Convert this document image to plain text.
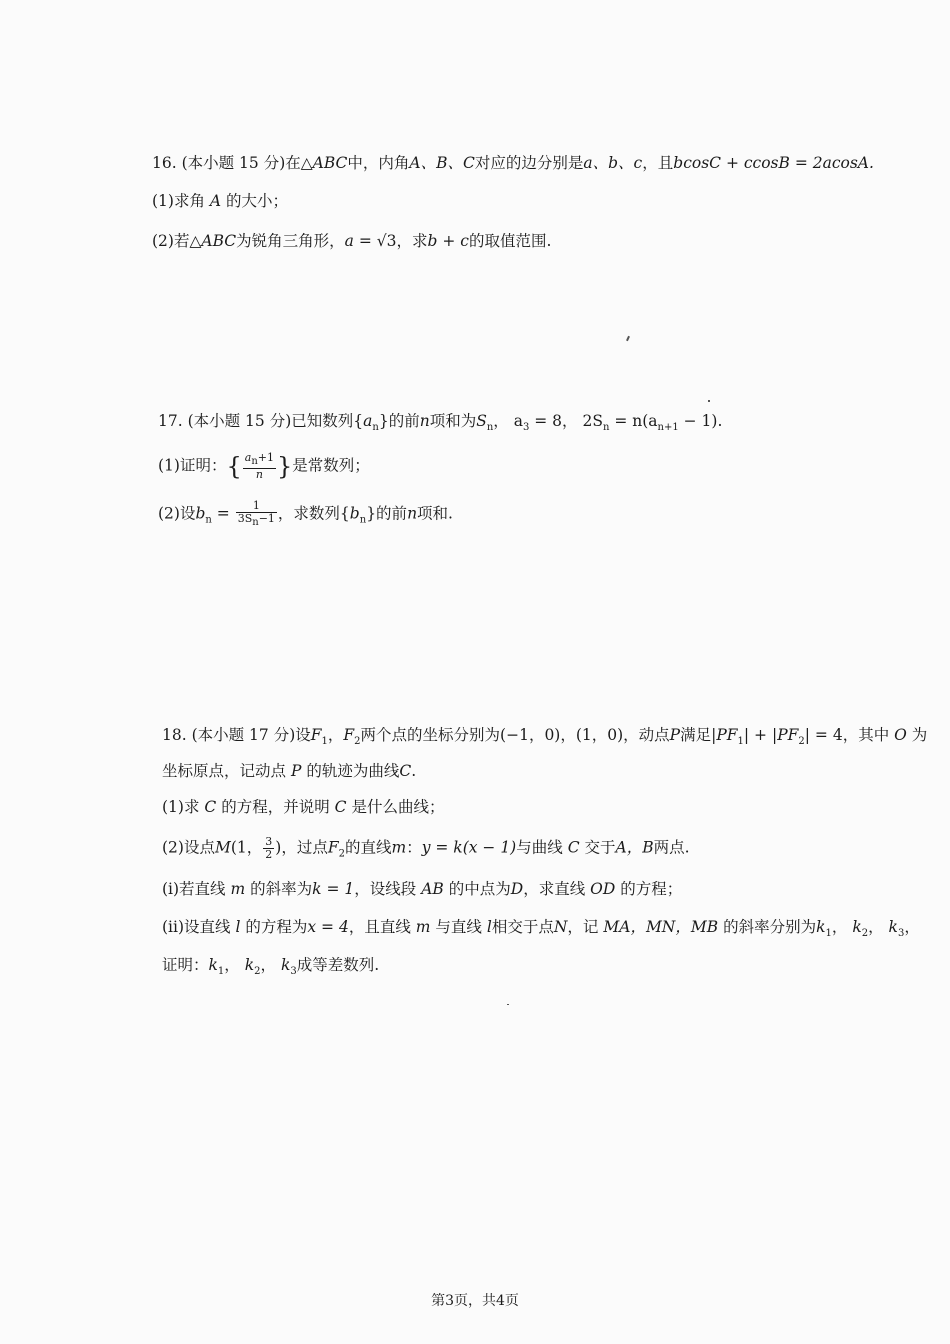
16. (本小题 15 分)在△ABC中，内角A、B、C对应的边分别是a、b、c，且bcosC + ccosB = 2acosA.
(1)求角 A 的大小；
(2)若△ABC为锐角三角形，a = √3，求b + c的取值范围.
17. (本小题 15 分)已知数列$\{a_n\}$的前n项和为$S_n$， $a_3 = 8$， $2S_n = n(a_{n+1} - 1)$.
(1)证明：{ $\frac{a_n+1}{n}$ }是常数列；
(2)设$b_n = \frac{1}{3S_n-1}$ ，求数列$\{b_n\}$的前n项和.
18. (本小题 17 分)设$F_1$，$F_2$两个点的坐标分别为(−1，0)，(1，0)，动点P满足$|PF_1| + |PF_2| = 4$，其中 O 为
坐标原点，记动点 P 的轨迹为曲线C.
(1)求 C 的方程，并说明 C 是什么曲线；
(2)设点M(1， $\frac{3}{2}$ )，过点$F_2$的直线m：y = k(x − 1)与曲线 C 交于A，B两点.
(i)若直线 m 的斜率为k = 1，设线段 AB 的中点为D，求直线 OD 的方程；
(ii)设直线 l 的方程为x = 4，且直线 m 与直线 l相交于点N，记 MA，MN，MB 的斜率分别为$k_1$， $k_2$， $k_3$，
证明：$k_1$， $k_2$， $k_3$成等差数列.
第3页，共4页
